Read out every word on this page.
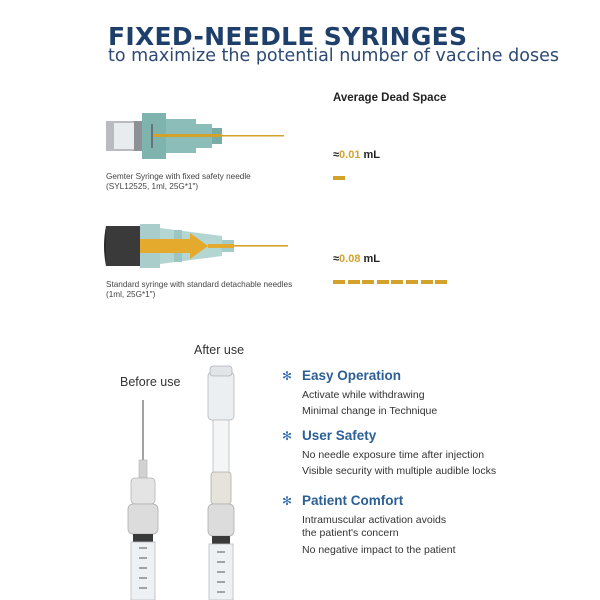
FIXED-NEEDLE SYRINGES
to maximize the potential number of vaccine doses
Average Dead Space
Gemter Syringe with fixed safety needle
(SYL12525, 1ml, 25G*1")
≈0.01 mL
Standard syringe with standard detachable needles
(1ml, 25G*1")
≈0.08 mL
After use
Before use	✻ Easy Operation
Activate while withdrawing
Minimal change in Technique
✻ User Safety
No needle exposure time after injection
Visible security with multiple audible locks
✻ Patient Comfort
Intramuscular activation avoids
the patient's concern
No negative impact to the patient
